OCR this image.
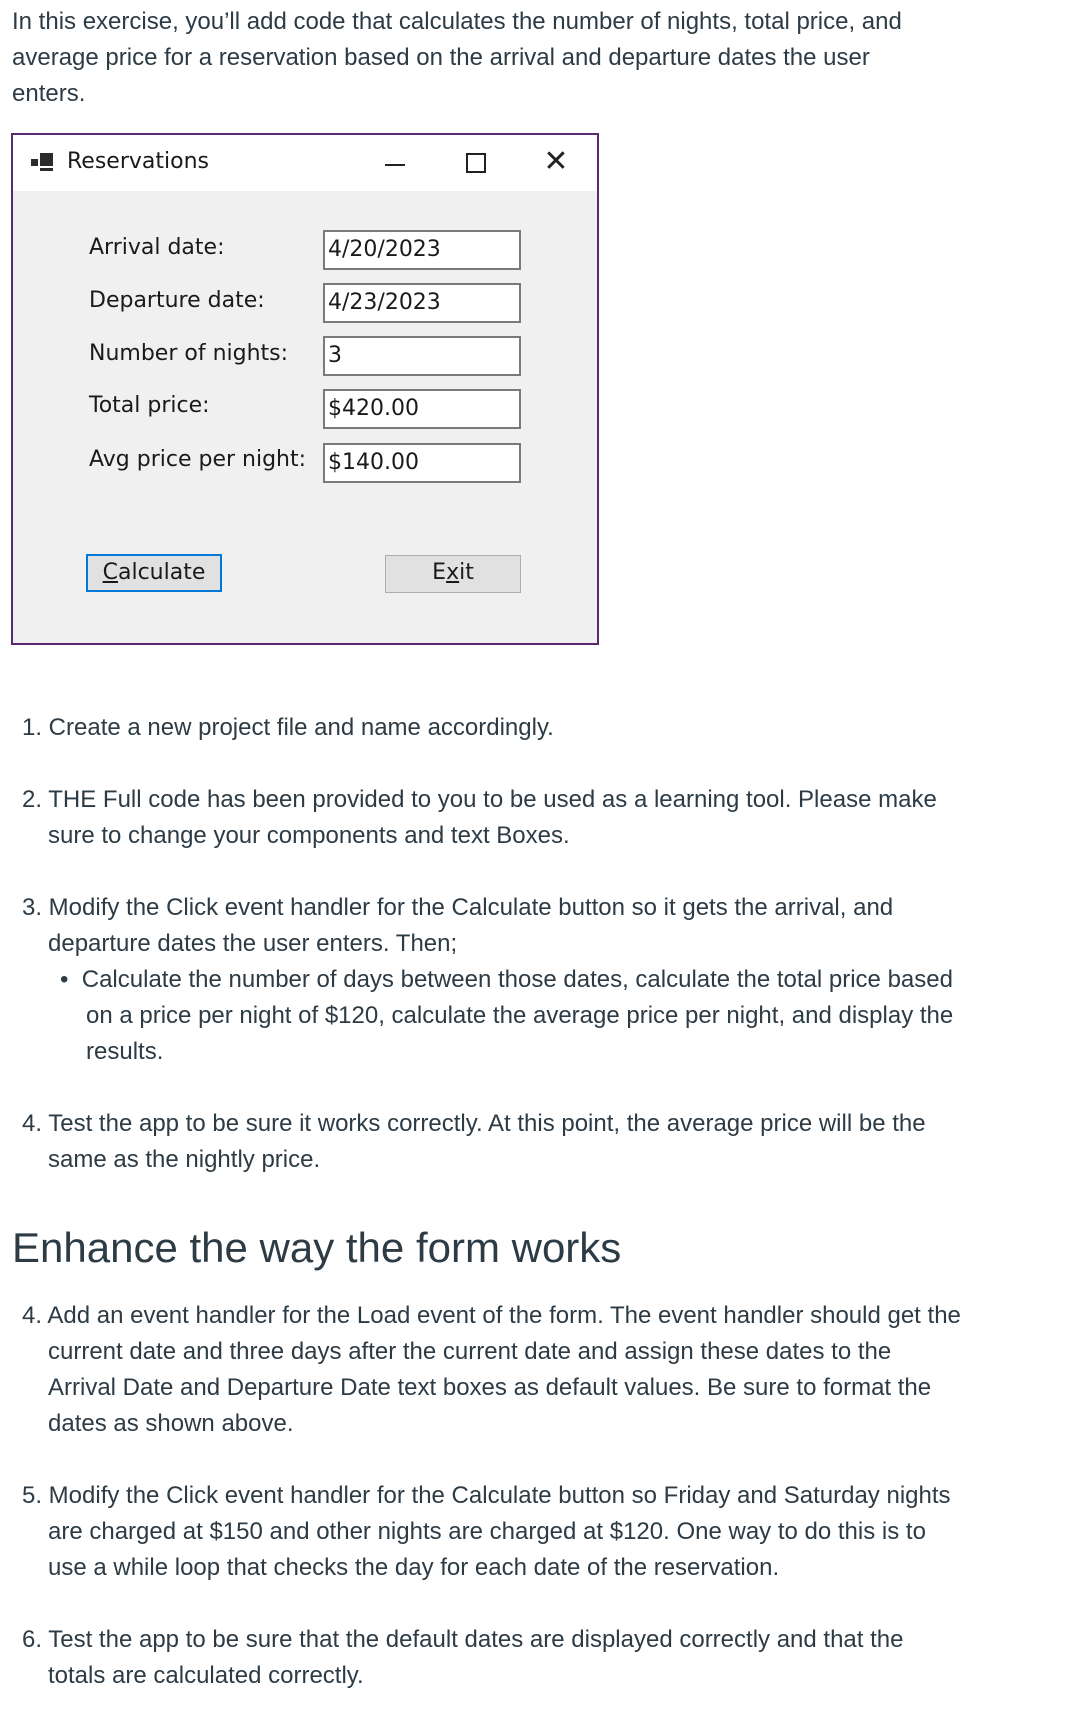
In this exercise, you’ll add code that calculates the number of nights, total price, and average price for a reservation based on the arrival and departure dates the user enters.

Reservations	✕
Arrival date:	4/20/2023
Departure date:	4/23/2023
Number of nights: 3
Total price:	$420.00
Avg price per night: $140.00
Calculate	Exit

1. Create a new project file and name accordingly.

2. THE Full code has been provided to you to be used as a learning tool. Please make sure to change your components and text Boxes.

3. Modify the Click event handler for the Calculate button so it gets the arrival, and departure dates the user enters. Then;

• Calculate the number of days between those dates, calculate the total price based on a price per night of $120, calculate the average price per night, and display the results.

4. Test the app to be sure it works correctly. At this point, the average price will be the same as the nightly price.

Enhance the way the form works

4. Add an event handler for the Load event of the form. The event handler should get the current date and three days after the current date and assign these dates to the Arrival Date and Departure Date text boxes as default values. Be sure to format the dates as shown above.

5. Modify the Click event handler for the Calculate button so Friday and Saturday nights are charged at $150 and other nights are charged at $120. One way to do this is to use a while loop that checks the day for each date of the reservation.

6. Test the app to be sure that the default dates are displayed correctly and that the totals are calculated correctly.
